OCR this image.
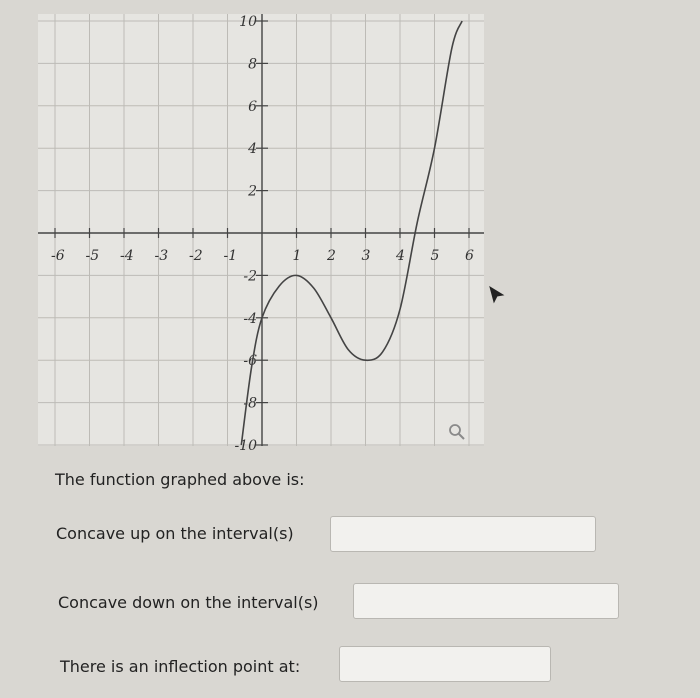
-6 -5 -4 -3 -2 -1	1 2 3 4 5 6
10
8
6
4
2
-2
-4
-6
-8
-10
The function graphed above is:
Concave up on the interval(s)
Concave down on the interval(s)
There is an inflection point at:
